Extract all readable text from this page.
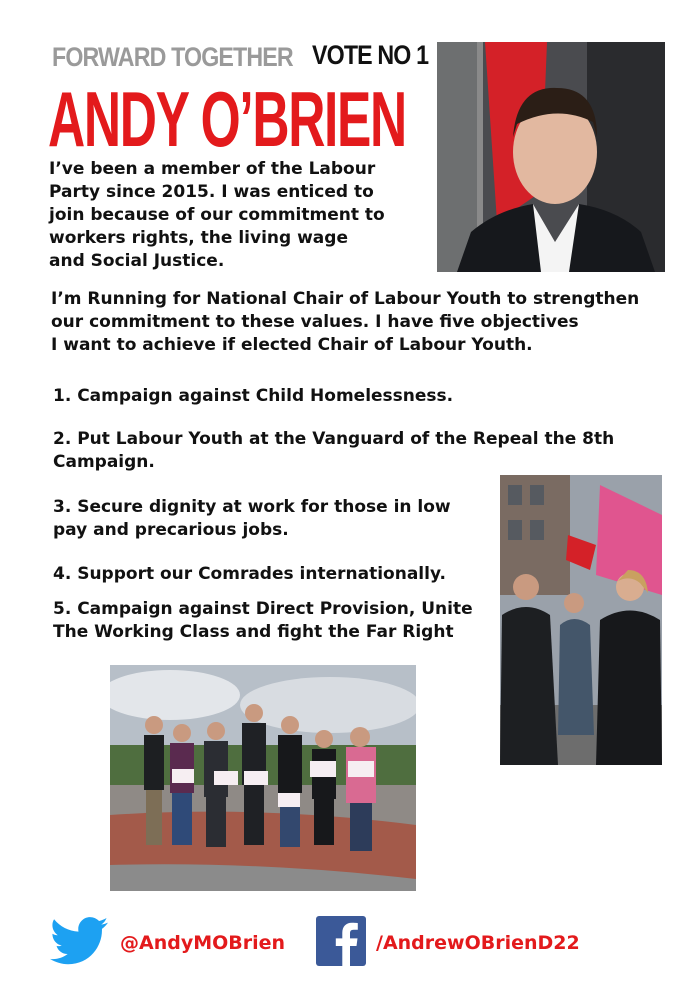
FORWARD TOGETHER VOTE NO 1
ANDY O’BRIEN
I’ve been a member of the Labour
Party since 2015. I was enticed to
join because of our commitment to
workers rights, the living wage
and Social Justice.
I’m Running for National Chair of Labour Youth to strengthen
our commitment to these values. I have five objectives
I want to achieve if elected Chair of Labour Youth.
1. Campaign against Child Homelessness.
2. Put Labour Youth at the Vanguard of the Repeal the 8th
Campaign.
3. Secure dignity at work for those in low
pay and precarious jobs.
4. Support our Comrades internationally.
5. Campaign against Direct Provision, Unite
The Working Class and fight the Far Right
@AndyMOBrien	/AndrewOBrienD22
